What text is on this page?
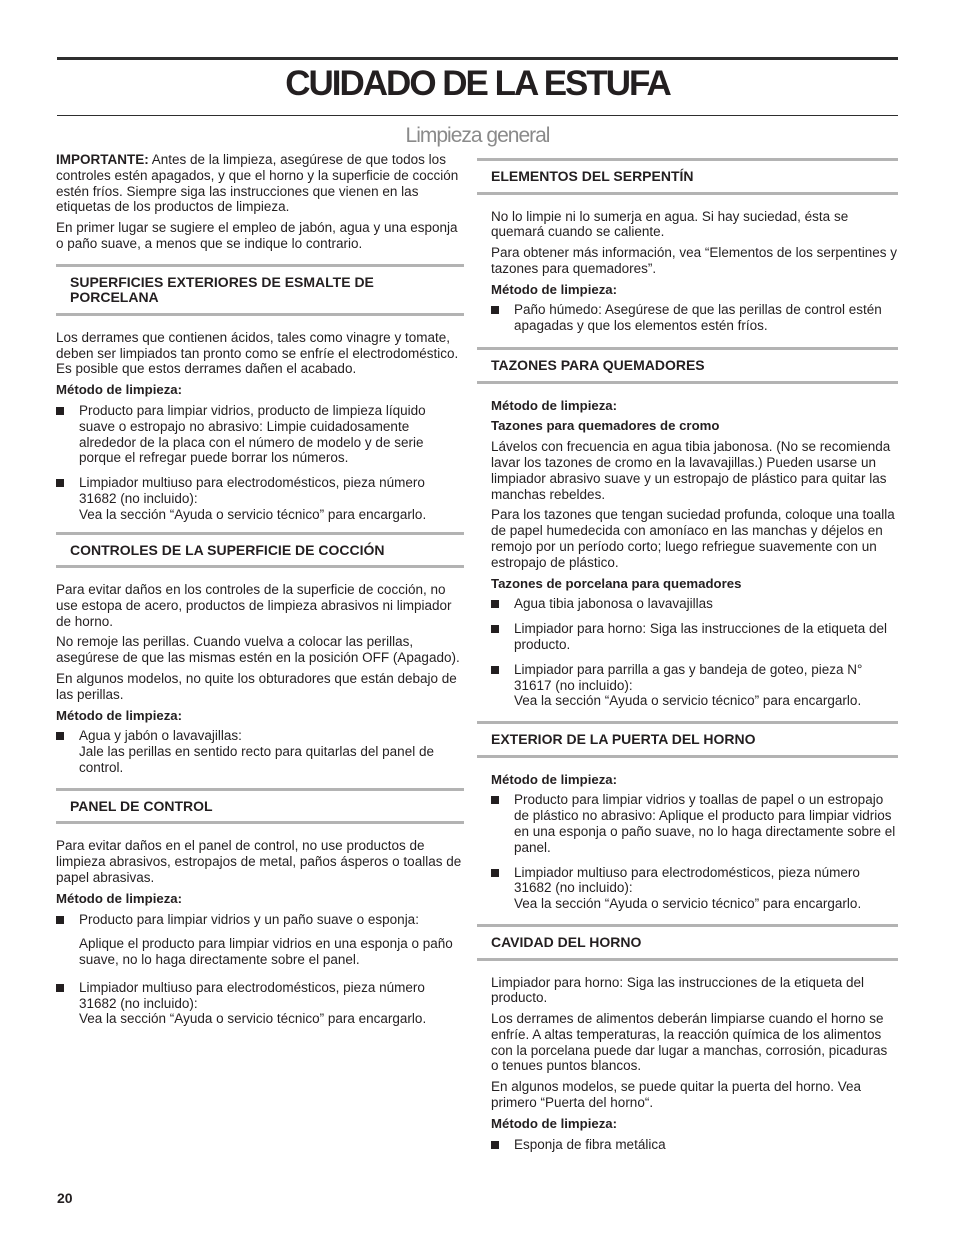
CUIDADO DE LA ESTUFA
Limpieza general

IMPORTANTE: Antes de la limpieza, asegúrese de que todos los controles estén apagados, y que el horno y la superficie de cocción estén fríos. Siempre siga las instrucciones que vienen en las etiquetas de los productos de limpieza.

En primer lugar se sugiere el empleo de jabón, agua y una esponja o paño suave, a menos que se indique lo contrario.

SUPERFICIES EXTERIORES DE ESMALTE DE PORCELANA

Los derrames que contienen ácidos, tales como vinagre y tomate, deben ser limpiados tan pronto como se enfríe el electrodoméstico. Es posible que estos derrames dañen el acabado.

Método de limpieza:

Producto para limpiar vidrios, producto de limpieza líquido suave o estropajo no abrasivo: Limpie cuidadosamente alrededor de la placa con el número de modelo y de serie porque el refregar puede borrar los números.
Limpiador multiuso para electrodomésticos, pieza número 31682 (no incluido):
Vea la sección “Ayuda o servicio técnico” para encargarlo.
CONTROLES DE LA SUPERFICIE DE COCCIÓN

Para evitar daños en los controles de la superficie de cocción, no use estopa de acero, productos de limpieza abrasivos ni limpiador de horno.

No remoje las perillas. Cuando vuelva a colocar las perillas, asegúrese de que las mismas estén en la posición OFF (Apagado).

En algunos modelos, no quite los obturadores que están debajo de las perillas.

Método de limpieza:

Agua y jabón o lavavajillas:
Jale las perillas en sentido recto para quitarlas del panel de control.
PANEL DE CONTROL

Para evitar daños en el panel de control, no use productos de limpieza abrasivos, estropajos de metal, paños ásperos o toallas de papel abrasivas.

Método de limpieza:

Producto para limpiar vidrios y un paño suave o esponja:

Aplique el producto para limpiar vidrios en una esponja o paño suave, no lo haga directamente sobre el panel.

Limpiador multiuso para electrodomésticos, pieza número 31682 (no incluido):
Vea la sección “Ayuda o servicio técnico” para encargarlo.
ELEMENTOS DEL SERPENTÍN

No lo limpie ni lo sumerja en agua. Si hay suciedad, ésta se quemará cuando se caliente.

Para obtener más información, vea “Elementos de los serpentines y tazones para quemadores”.

Método de limpieza:

Paño húmedo: Asegúrese de que las perillas de control estén apagadas y que los elementos estén fríos.
TAZONES PARA QUEMADORES

Método de limpieza:

Tazones para quemadores de cromo

Lávelos con frecuencia en agua tibia jabonosa. (No se recomienda lavar los tazones de cromo en la lavavajillas.) Pueden usarse un limpiador abrasivo suave y un estropajo de plástico para quitar las manchas rebeldes.

Para los tazones que tengan suciedad profunda, coloque una toalla de papel humedecida con amoníaco en las manchas y déjelos en remojo por un período corto; luego refriegue suavemente con un estropajo de plástico.

Tazones de porcelana para quemadores

Agua tibia jabonosa o lavavajillas
Limpiador para horno: Siga las instrucciones de la etiqueta del producto.
Limpiador para parrilla a gas y bandeja de goteo, pieza N° 31617 (no incluido):
Vea la sección “Ayuda o servicio técnico” para encargarlo.
EXTERIOR DE LA PUERTA DEL HORNO

Método de limpieza:

Producto para limpiar vidrios y toallas de papel o un estropajo de plástico no abrasivo: Aplique el producto para limpiar vidrios en una esponja o paño suave, no lo haga directamente sobre el panel.
Limpiador multiuso para electrodomésticos, pieza número 31682 (no incluido):
Vea la sección “Ayuda o servicio técnico” para encargarlo.
CAVIDAD DEL HORNO

Limpiador para horno: Siga las instrucciones de la etiqueta del producto.

Los derrames de alimentos deberán limpiarse cuando el horno se enfríe. A altas temperaturas, la reacción química de los alimentos con la porcelana puede dar lugar a manchas, corrosión, picaduras o tenues puntos blancos.

En algunos modelos, se puede quitar la puerta del horno. Vea primero “Puerta del horno“.

Método de limpieza:

Esponja de fibra metálica

20
